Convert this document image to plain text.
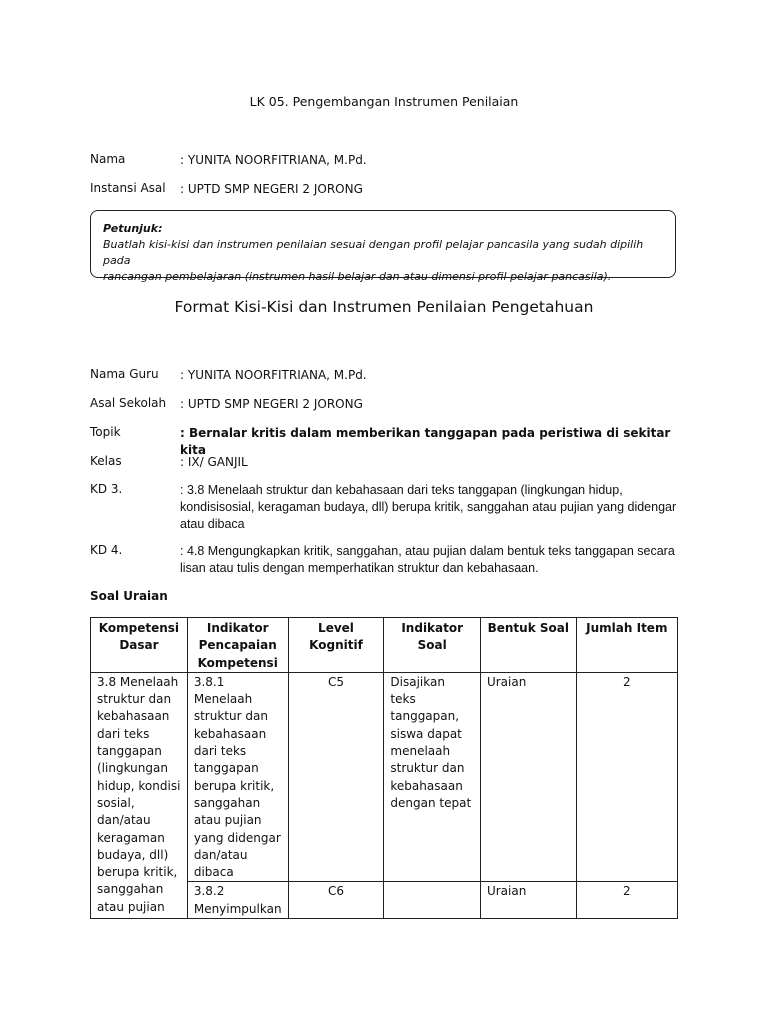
LK 05. Pengembangan Instrumen Penilaian
Nama	: YUNITA NOORFITRIANA, M.Pd.
Instansi Asal : UPTD SMP NEGERI 2 JORONG
Petunjuk:
Buatlah kisi-kisi dan instrumen penilaian sesuai dengan profil pelajar pancasila yang sudah dipilih pada
rancangan pembelajaran (instrumen hasil belajar dan atau dimensi profil pelajar pancasila).
Format Kisi-Kisi dan Instrumen Penilaian Pengetahuan
Nama Guru : YUNITA NOORFITRIANA, M.Pd.
Asal Sekolah : UPTD SMP NEGERI 2 JORONG
Topik	: Bernalar kritis dalam memberikan tanggapan pada peristiwa di sekitar kita
Kelas	: IX/ GANJIL
KD 3.	: 3.8 Menelaah struktur dan kebahasaan dari teks tanggapan (lingkungan hidup, kondisisosial, keragaman budaya, dll) berupa kritik, sanggahan atau pujian yang didengar atau dibaca
KD 4.	: 4.8 Mengungkapkan kritik, sanggahan, atau pujian dalam bentuk teks tanggapan secara lisan atau tulis dengan memperhatikan struktur dan kebahasaan.
Soal Uraian
Kompetensi Dasar	Indikator Pencapaian Kompetensi	Level Kognitif	Indikator Soal	Bentuk Soal	Jumlah Item
3.8 Menelaah struktur dan kebahasaan dari teks tanggapan (lingkungan hidup, kondisi sosial, dan/atau keragaman budaya, dll) berupa kritik, sanggahan atau pujian	3.8.1 Menelaah struktur dan kebahasaan dari teks tanggapan berupa kritik, sanggahan atau pujian yang didengar dan/atau dibaca	C5	Disajikan teks tanggapan, siswa dapat menelaah struktur dan kebahasaan dengan tepat	Uraian	2
	3.8.2 Menyimpulkan	C6		Uraian	2
